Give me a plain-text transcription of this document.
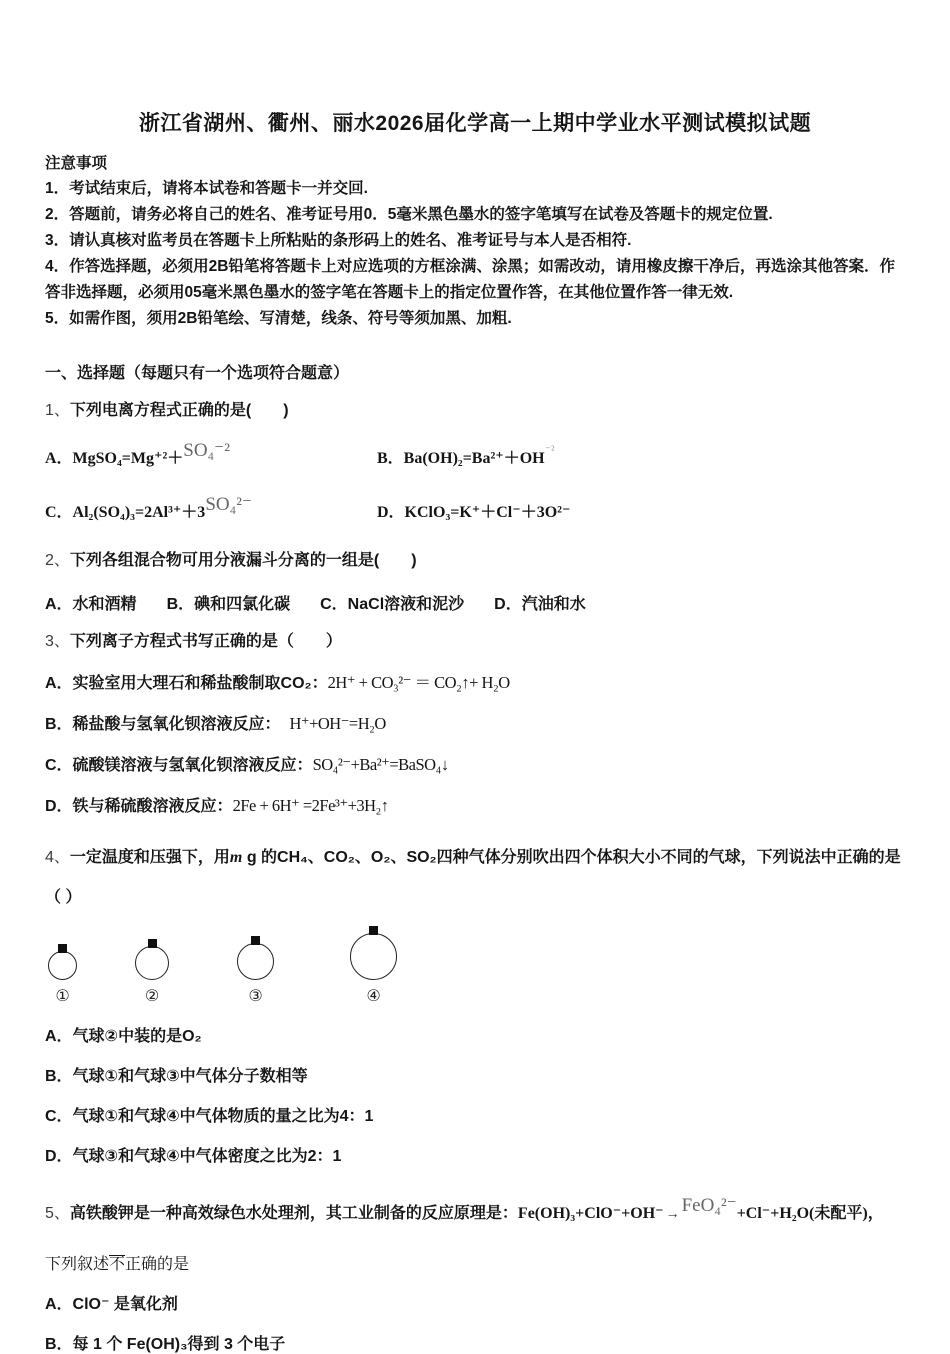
浙江省湖州、衢州、丽水2026届化学高一上期中学业水平测试模拟试题
注意事项
1．考试结束后，请将本试卷和答题卡一并交回.
2．答题前，请务必将自己的姓名、准考证号用0．5毫米黑色墨水的签字笔填写在试卷及答题卡的规定位置.
3．请认真核对监考员在答题卡上所粘贴的条形码上的姓名、准考证号与本人是否相符.
4．作答选择题，必须用2B铅笔将答题卡上对应选项的方框涂满、涂黑；如需改动，请用橡皮擦干净后，再选涂其他答案．作答非选择题，必须用05毫米黑色墨水的签字笔在答题卡上的指定位置作答，在其他位置作答一律无效.
5．如需作图，须用2B铅笔绘、写清楚，线条、符号等须加黑、加粗.
一、选择题（每题只有一个选项符合题意）
1、下列电离方程式正确的是(　　)
A．MgSO₄=Mg⁺²＋SO₄⁻²	B．$Ba(OH)_2=Ba^{2+}+OH^{^{-2}}$
C．Al₂(SO₄)₃=2Al³⁺＋3SO₄²⁻	D．KClO₃=K⁺＋Cl⁻＋3O²⁻
2、下列各组混合物可用分液漏斗分离的一组是(　　)
A．水和酒精 B．碘和四氯化碳 C．NaCl溶液和泥沙 D．汽油和水
3、下列离子方程式书写正确的是（　　）
A．实验室用大理石和稀盐酸制取CO₂：2H⁺ + CO₃²⁻ ＝ CO₂↑+ H₂O
B．稀盐酸与氢氧化钡溶液反应：  H⁺+OH⁻=H₂O
C．硫酸镁溶液与氢氧化钡溶液反应：SO₄²⁻+Ba²⁺=BaSO₄↓
D．铁与稀硫酸溶液反应：2Fe + 6H⁺ =2Fe³⁺+3H₂↑
4、一定温度和压强下，用m g 的CH₄、CO₂、O₂、SO₂四种气体分别吹出四个体积大小不同的气球，下列说法中正确的是（ ）
①	②	③	④
A．气球②中装的是O₂
B．气球①和气球③中气体分子数相等
C．气球①和气球④中气体物质的量之比为4：1
D．气球③和气球④中气体密度之比为2：1
5、高铁酸钾是一种高效绿色水处理剂，其工业制备的反应原理是：Fe(OH)₃+ClO⁻+OH⁻ → FeO₄²⁻+Cl⁻+H₂O(未配平)，
下列叙述不正确的是
A．ClO⁻ 是氧化剂
B．每 1 个 Fe(OH)₃得到 3 个电子
